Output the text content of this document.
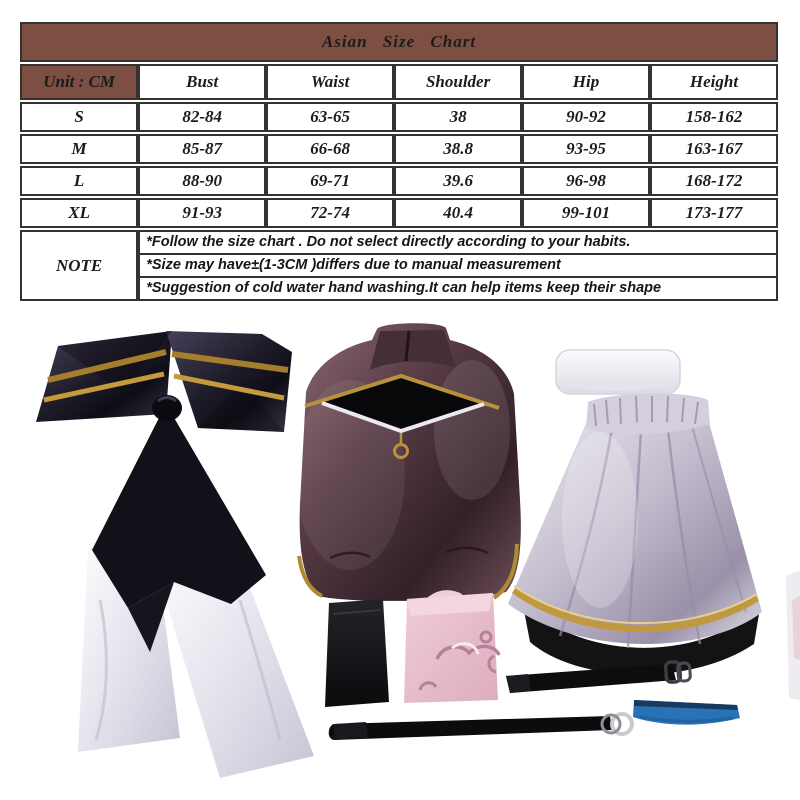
Asian Size Chart					
Unit : CM	Bust	Waist	Shoulder	Hip	Height
S	82-84	63-65	38	90-92	158-162
M	85-87	66-68	38.8	93-95	163-167
L	88-90	69-71	39.6	96-98	168-172
XL	91-93	72-74	40.4	99-101	173-177
NOTE	*Follow the size chart . Do not select directly according to your habits.
*Size may have±(1-3CM )differs due to manual measurement
*Suggestion of cold water hand washing.It can help items keep their shape				
